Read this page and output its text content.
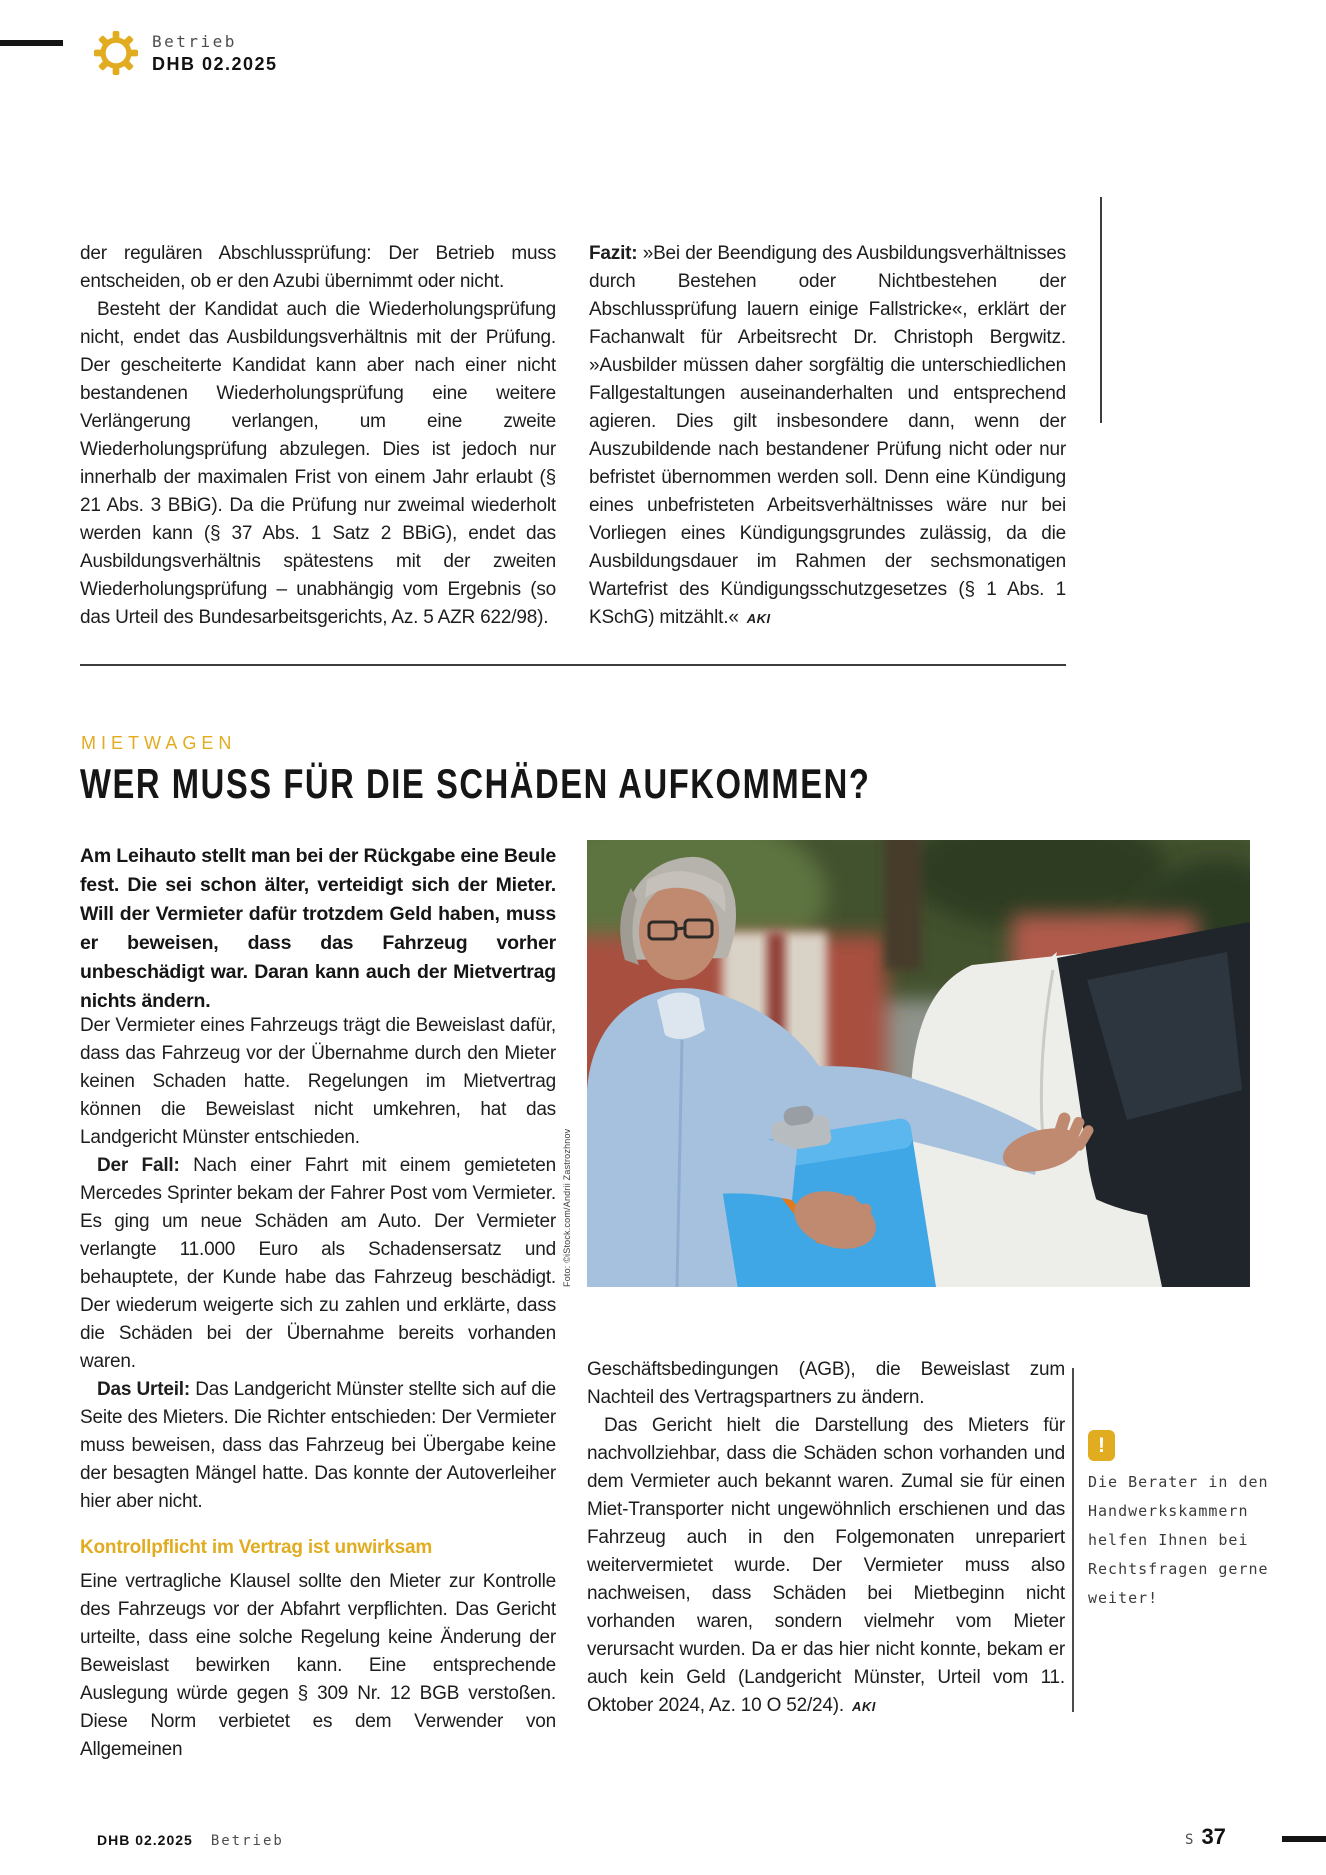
Betrieb
DHB 02.2025

der regulären Abschlussprüfung: Der Betrieb muss entscheiden, ob er den Azubi übernimmt oder nicht.

Besteht der Kandidat auch die Wiederholungsprüfung nicht, endet das Ausbildungsverhältnis mit der Prüfung. Der gescheiterte Kandidat kann aber nach einer nicht bestandenen Wiederholungsprüfung eine weitere Verlängerung verlangen, um eine zweite Wiederholungsprüfung abzulegen. Dies ist jedoch nur innerhalb der maximalen Frist von einem Jahr erlaubt (§ 21 Abs. 3 BBiG). Da die Prüfung nur zweimal wiederholt werden kann (§ 37 Abs. 1 Satz 2 BBiG), endet das Ausbildungsverhältnis spätestens mit der zweiten Wiederholungsprüfung – unabhängig vom Ergebnis (so das Urteil des Bundesarbeitsgerichts, Az. 5 AZR 622/98).

Fazit: »Bei der Beendigung des Ausbildungsverhältnisses durch Bestehen oder Nichtbestehen der Abschlussprüfung lauern einige Fallstricke«, erklärt der Fachanwalt für Arbeitsrecht Dr. Christoph Bergwitz. »Ausbilder müssen daher sorgfältig die unterschiedlichen Fallgestaltungen auseinanderhalten und entsprechend agieren. Dies gilt insbesondere dann, wenn der Auszubildende nach bestandener Prüfung nicht oder nur befristet übernommen werden soll. Denn eine Kündigung eines unbefristeten Arbeitsverhältnisses wäre nur bei Vorliegen eines Kündigungsgrundes zulässig, da die Ausbildungsdauer im Rahmen der sechsmonatigen Wartefrist des Kündigungsschutzgesetzes (§ 1 Abs. 1 KSchG) mitzählt.« AKI

MIETWAGEN
WER MUSS FÜR DIE SCHÄDEN AUFKOMMEN?
Am Leihauto stellt man bei der Rückgabe eine Beule fest. Die sei schon älter, verteidigt sich der Mieter. Will der Vermieter dafür trotzdem Geld haben, muss er beweisen, dass das Fahrzeug vorher unbeschädigt war. Daran kann auch der Mietvertrag nichts ändern.

Der Vermieter eines Fahrzeugs trägt die Beweislast dafür, dass das Fahrzeug vor der Übernahme durch den Mieter keinen Schaden hatte. Regelungen im Mietvertrag können die Beweislast nicht umkehren, hat das Landgericht Münster entschieden.

Der Fall: Nach einer Fahrt mit einem gemieteten Mercedes Sprinter bekam der Fahrer Post vom Vermieter. Es ging um neue Schäden am Auto. Der Vermieter verlangte 11.000 Euro als Schadensersatz und behauptete, der Kunde habe das Fahrzeug beschädigt. Der wiederum weigerte sich zu zahlen und erklärte, dass die Schäden bei der Übernahme bereits vorhanden waren.

Das Urteil: Das Landgericht Münster stellte sich auf die Seite des Mieters. Die Richter entschieden: Der Vermieter muss beweisen, dass das Fahrzeug bei Übergabe keine der besagten Mängel hatte. Das konnte der Autoverleiher hier aber nicht.

Kontrollpflicht im Vertrag ist unwirksam

Eine vertragliche Klausel sollte den Mieter zur Kontrolle des Fahrzeugs vor der Abfahrt verpflichten. Das Gericht urteilte, dass eine solche Regelung keine Änderung der Beweislast bewirken kann. Eine entsprechende Auslegung würde gegen § 309 Nr. 12 BGB verstoßen. Diese Norm verbietet es dem Verwender von Allgemeinen

Foto: ©iStock.com/Andrii Zastrozhnov

Geschäftsbedingungen (AGB), die Beweislast zum Nachteil des Vertragspartners zu ändern.

Das Gericht hielt die Darstellung des Mieters für nachvollziehbar, dass die Schäden schon vorhanden und dem Vermieter auch bekannt waren. Zumal sie für einen Miet-Transporter nicht ungewöhnlich erschienen und das Fahrzeug auch in den Folgemonaten unrepariert weitervermietet wurde. Der Vermieter muss also nachweisen, dass Schäden bei Mietbeginn nicht vorhanden waren, sondern vielmehr vom Mieter verursacht wurden. Da er das hier nicht konnte, bekam er auch kein Geld (Landgericht Münster, Urteil vom 11. Oktober 2024, Az. 10 O 52/24). AKI

!
Die Berater in den Handwerkskammern helfen Ihnen bei Rechtsfragen gerne weiter!
DHB 02.2025 Betrieb	S 37
